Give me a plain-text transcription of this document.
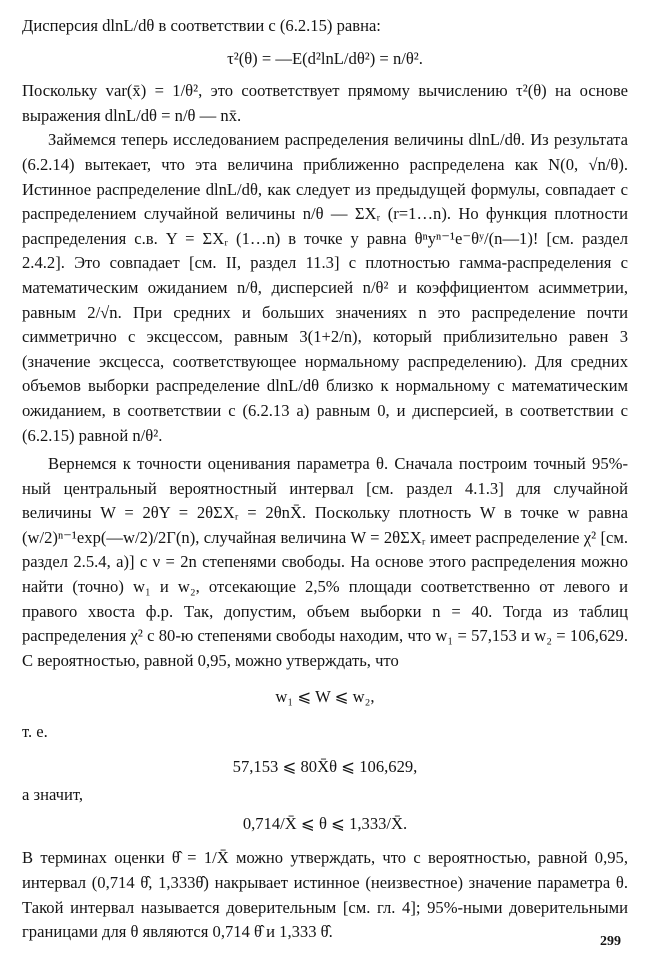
Дисперсия dlnL/dθ в соответствии с (6.2.15) равна:
τ²(θ) = —E(d²lnL/dθ²) = n/θ².
Поскольку var(x̄) = 1/θ², это соответствует прямому вычислению τ²(θ) на основе выражения dlnL/dθ = n/θ — nx̄.
Займемся теперь исследованием распределения величины dlnL/dθ. Из результата (6.2.14) вытекает, что эта величина приближенно распределена как N(0, √n/θ). Истинное распределение dlnL/dθ, как следует из предыдущей формулы, совпадает с распределением случайной величины n/θ — ΣXᵣ (r=1…n). Но функция плотности распределения с.в. Y = ΣXᵣ (1…n) в точке y равна θⁿyⁿ⁻¹e⁻θʸ/(n—1)! [см. раздел 2.4.2]. Это совпадает [см. II, раздел 11.3] с плотностью гамма-распределения с математическим ожиданием n/θ, дисперсией n/θ² и коэффициентом асимметрии, равным 2/√n. При средних и больших значениях n это распределение почти симметрично с эксцессом, равным 3(1+2/n), который приблизительно равен 3 (значение эксцесса, соответствующее нормальному распределению). Для средних объемов выборки распределение dlnL/dθ близко к нормальному с математическим ожиданием, в соответствии с (6.2.13 а) равным 0, и дисперсией, в соответствии с (6.2.15) равной n/θ².
Вернемся к точности оценивания параметра θ. Сначала построим точный 95%-ный центральный вероятностный интервал [см. раздел 4.1.3] для случайной величины W = 2θY = 2θΣXᵣ = 2θnX̄. Поскольку плотность W в точке w равна (w/2)ⁿ⁻¹exp(—w/2)/2Γ(n), случайная величина W = 2θΣXᵣ имеет распределение χ² [см. раздел 2.5.4, а)] с ν = 2n степенями свободы. На основе этого распределения можно найти (точно) w₁ и w₂, отсекающие 2,5% площади соответственно от левого и правого хвоста ф.р. Так, допустим, объем выборки n = 40. Тогда из таблиц распределения χ² с 80-ю степенями свободы находим, что w₁ = 57,153 и w₂ = 106,629. С вероятностью, равной 0,95, можно утверждать, что
w₁ ⩽ W ⩽ w₂,
т. е.
57,153 ⩽ 80X̄θ ⩽ 106,629,
а значит,
0,714/X̄ ⩽ θ ⩽ 1,333/X̄.
В терминах оценки θ̂ = 1/X̄ можно утверждать, что с вероятностью, равной 0,95, интервал (0,714 θ̂, 1,333θ̂) накрывает истинное (неизвестное) значение параметра θ. Такой интервал называется доверительным [см. гл. 4]; 95%-ными доверительными границами для θ являются 0,714 θ̂ и 1,333 θ̂.
299
